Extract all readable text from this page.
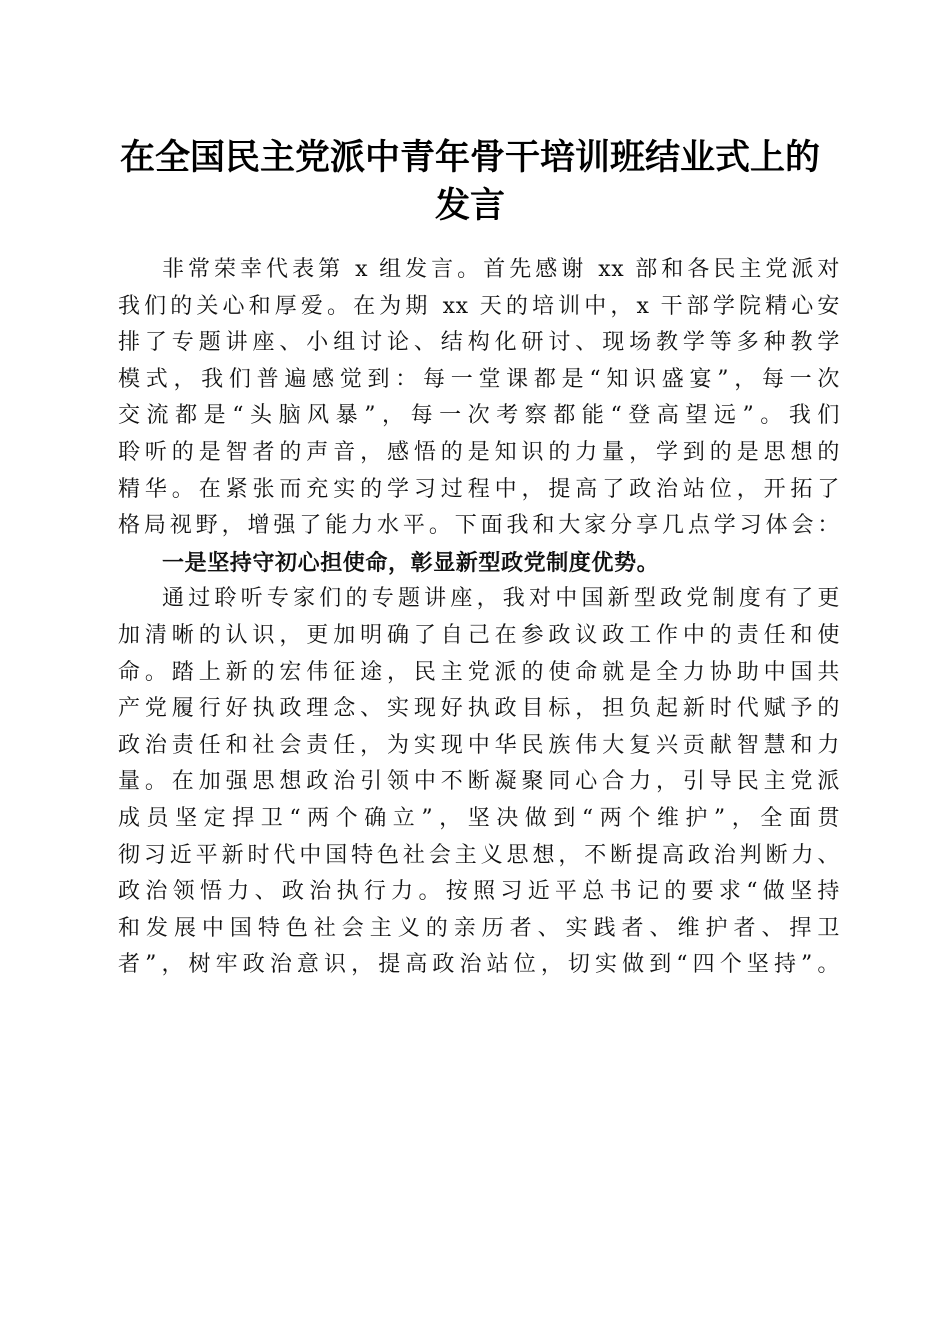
在全国民主党派中青年骨干培训班结业式上的
发言
非常荣幸代表第 x 组发言。首先感谢 xx 部和各民主党派对
我们的关心和厚爱。在为期 xx 天的培训中，x 干部学院精心安
排了专题讲座、小组讨论、结构化研讨、现场教学等多种教学
模式，我们普遍感觉到：每一堂课都是“知识盛宴”，每一次
交流都是“头脑风暴”，每一次考察都能“登高望远”。我们
聆听的是智者的声音，感悟的是知识的力量，学到的是思想的
精华。在紧张而充实的学习过程中，提高了政治站位，开拓了
格局视野，增强了能力水平。下面我和大家分享几点学习体会：
一是坚持守初心担使命，彰显新型政党制度优势。
通过聆听专家们的专题讲座，我对中国新型政党制度有了更
加清晰的认识，更加明确了自己在参政议政工作中的责任和使
命。踏上新的宏伟征途，民主党派的使命就是全力协助中国共
产党履行好执政理念、实现好执政目标，担负起新时代赋予的
政治责任和社会责任，为实现中华民族伟大复兴贡献智慧和力
量。在加强思想政治引领中不断凝聚同心合力，引导民主党派
成员坚定捍卫“两个确立”，坚决做到“两个维护”，全面贯
彻习近平新时代中国特色社会主义思想，不断提高政治判断力、
政治领悟力、政治执行力。按照习近平总书记的要求“做坚持
和发展中国特色社会主义的亲历者、实践者、维护者、捍卫
者”，树牢政治意识，提高政治站位，切实做到“四个坚持”。
